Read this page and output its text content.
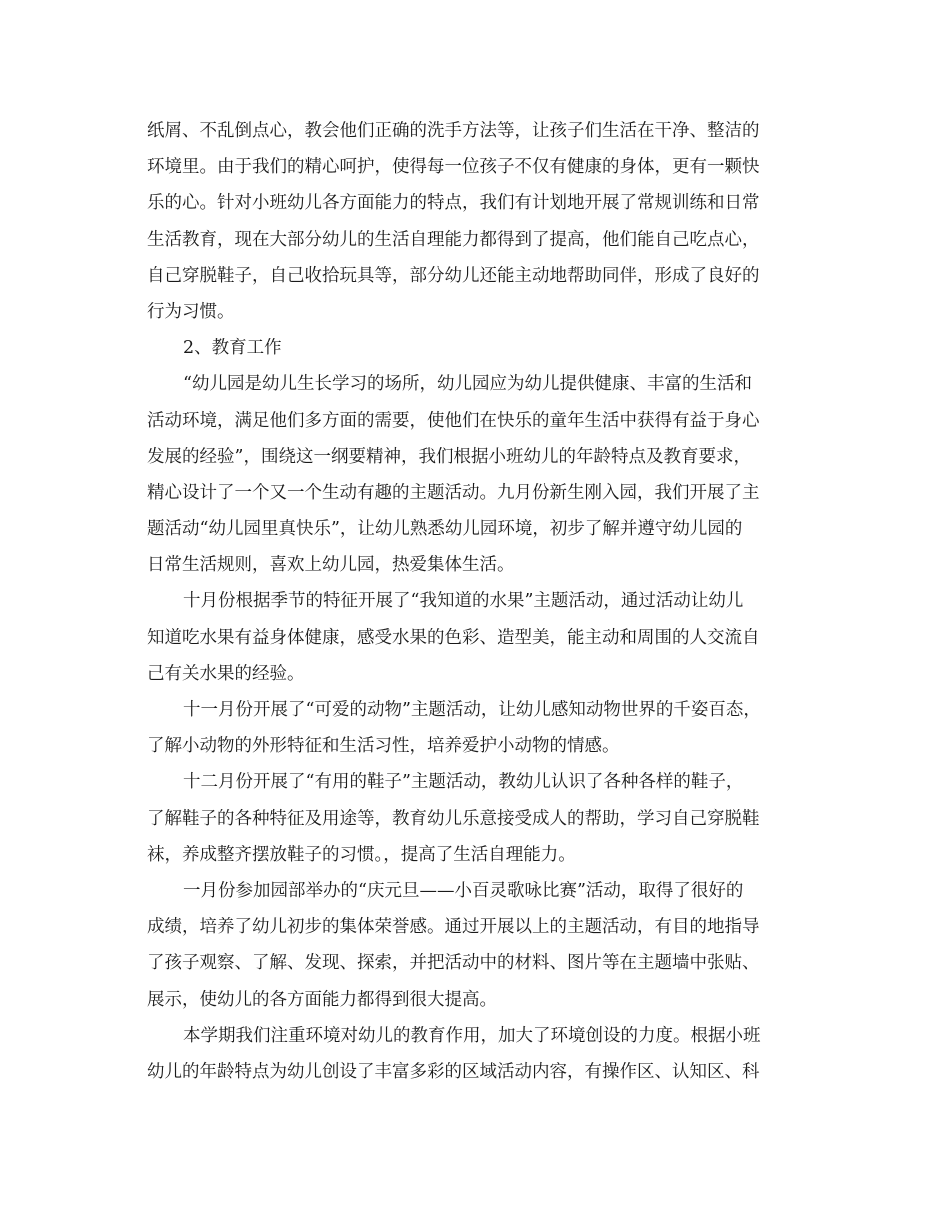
纸屑、不乱倒点心，教会他们正确的洗手方法等，让孩子们生活在干净、整洁的
环境里。由于我们的精心呵护，使得每一位孩子不仅有健康的身体，更有一颗快
乐的心。针对小班幼儿各方面能力的特点，我们有计划地开展了常规训练和日常
生活教育，现在大部分幼儿的生活自理能力都得到了提高，他们能自己吃点心，
自己穿脱鞋子，自己收拾玩具等，部分幼儿还能主动地帮助同伴，形成了良好的
行为习惯。
2、教育工作
“幼儿园是幼儿生长学习的场所，幼儿园应为幼儿提供健康、丰富的生活和
活动环境，满足他们多方面的需要，使他们在快乐的童年生活中获得有益于身心
发展的经验”，围绕这一纲要精神，我们根据小班幼儿的年龄特点及教育要求，
精心设计了一个又一个生动有趣的主题活动。九月份新生刚入园，我们开展了主
题活动“幼儿园里真快乐”，让幼儿熟悉幼儿园环境，初步了解并遵守幼儿园的
日常生活规则，喜欢上幼儿园，热爱集体生活。
十月份根据季节的特征开展了“我知道的水果”主题活动，通过活动让幼儿
知道吃水果有益身体健康，感受水果的色彩、造型美，能主动和周围的人交流自
己有关水果的经验。
十一月份开展了“可爱的动物”主题活动，让幼儿感知动物世界的千姿百态，
了解小动物的外形特征和生活习性，培养爱护小动物的情感。
十二月份开展了“有用的鞋子”主题活动，教幼儿认识了各种各样的鞋子，
了解鞋子的各种特征及用途等，教育幼儿乐意接受成人的帮助，学习自己穿脱鞋
袜，养成整齐摆放鞋子的习惯。，提高了生活自理能力。
一月份参加园部举办的“庆元旦——小百灵歌咏比赛”活动，取得了很好的
成绩，培养了幼儿初步的集体荣誉感。通过开展以上的主题活动，有目的地指导
了孩子观察、了解、发现、探索，并把活动中的材料、图片等在主题墙中张贴、
展示，使幼儿的各方面能力都得到很大提高。
本学期我们注重环境对幼儿的教育作用，加大了环境创设的力度。根据小班
幼儿的年龄特点为幼儿创设了丰富多彩的区域活动内容，有操作区、认知区、科
